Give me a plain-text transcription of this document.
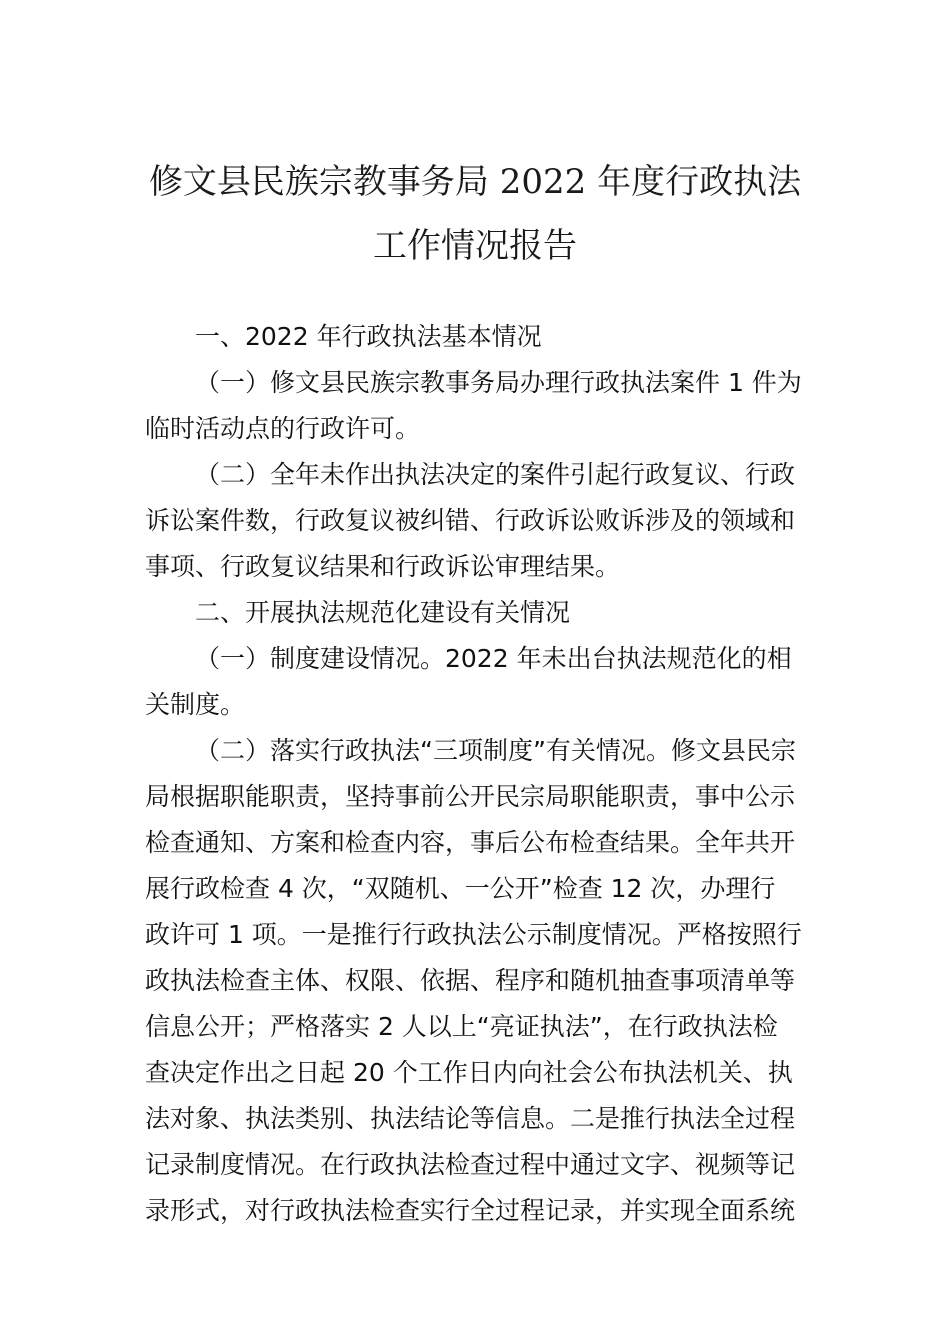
修文县民族宗教事务局 2022 年度行政执法
工作情况报告
一、2022 年行政执法基本情况
（一）修文县民族宗教事务局办理行政执法案件 1 件为
临时活动点的行政许可。
（二）全年未作出执法决定的案件引起行政复议、行政
诉讼案件数，行政复议被纠错、行政诉讼败诉涉及的领域和
事项、行政复议结果和行政诉讼审理结果。
二、开展执法规范化建设有关情况
（一）制度建设情况。2022 年未出台执法规范化的相
关制度。
（二）落实行政执法“三项制度”有关情况。修文县民宗
局根据职能职责，坚持事前公开民宗局职能职责，事中公示
检查通知、方案和检查内容，事后公布检查结果。全年共开
展行政检查 4 次，“双随机、一公开”检查 12 次，办理行
政许可 1 项。一是推行行政执法公示制度情况。严格按照行
政执法检查主体、权限、依据、程序和随机抽查事项清单等
信息公开；严格落实 2 人以上“亮证执法”，在行政执法检
查决定作出之日起 20 个工作日内向社会公布执法机关、执
法对象、执法类别、执法结论等信息。二是推行执法全过程
记录制度情况。在行政执法检查过程中通过文字、视频等记
录形式，对行政执法检查实行全过程记录，并实现全面系统
